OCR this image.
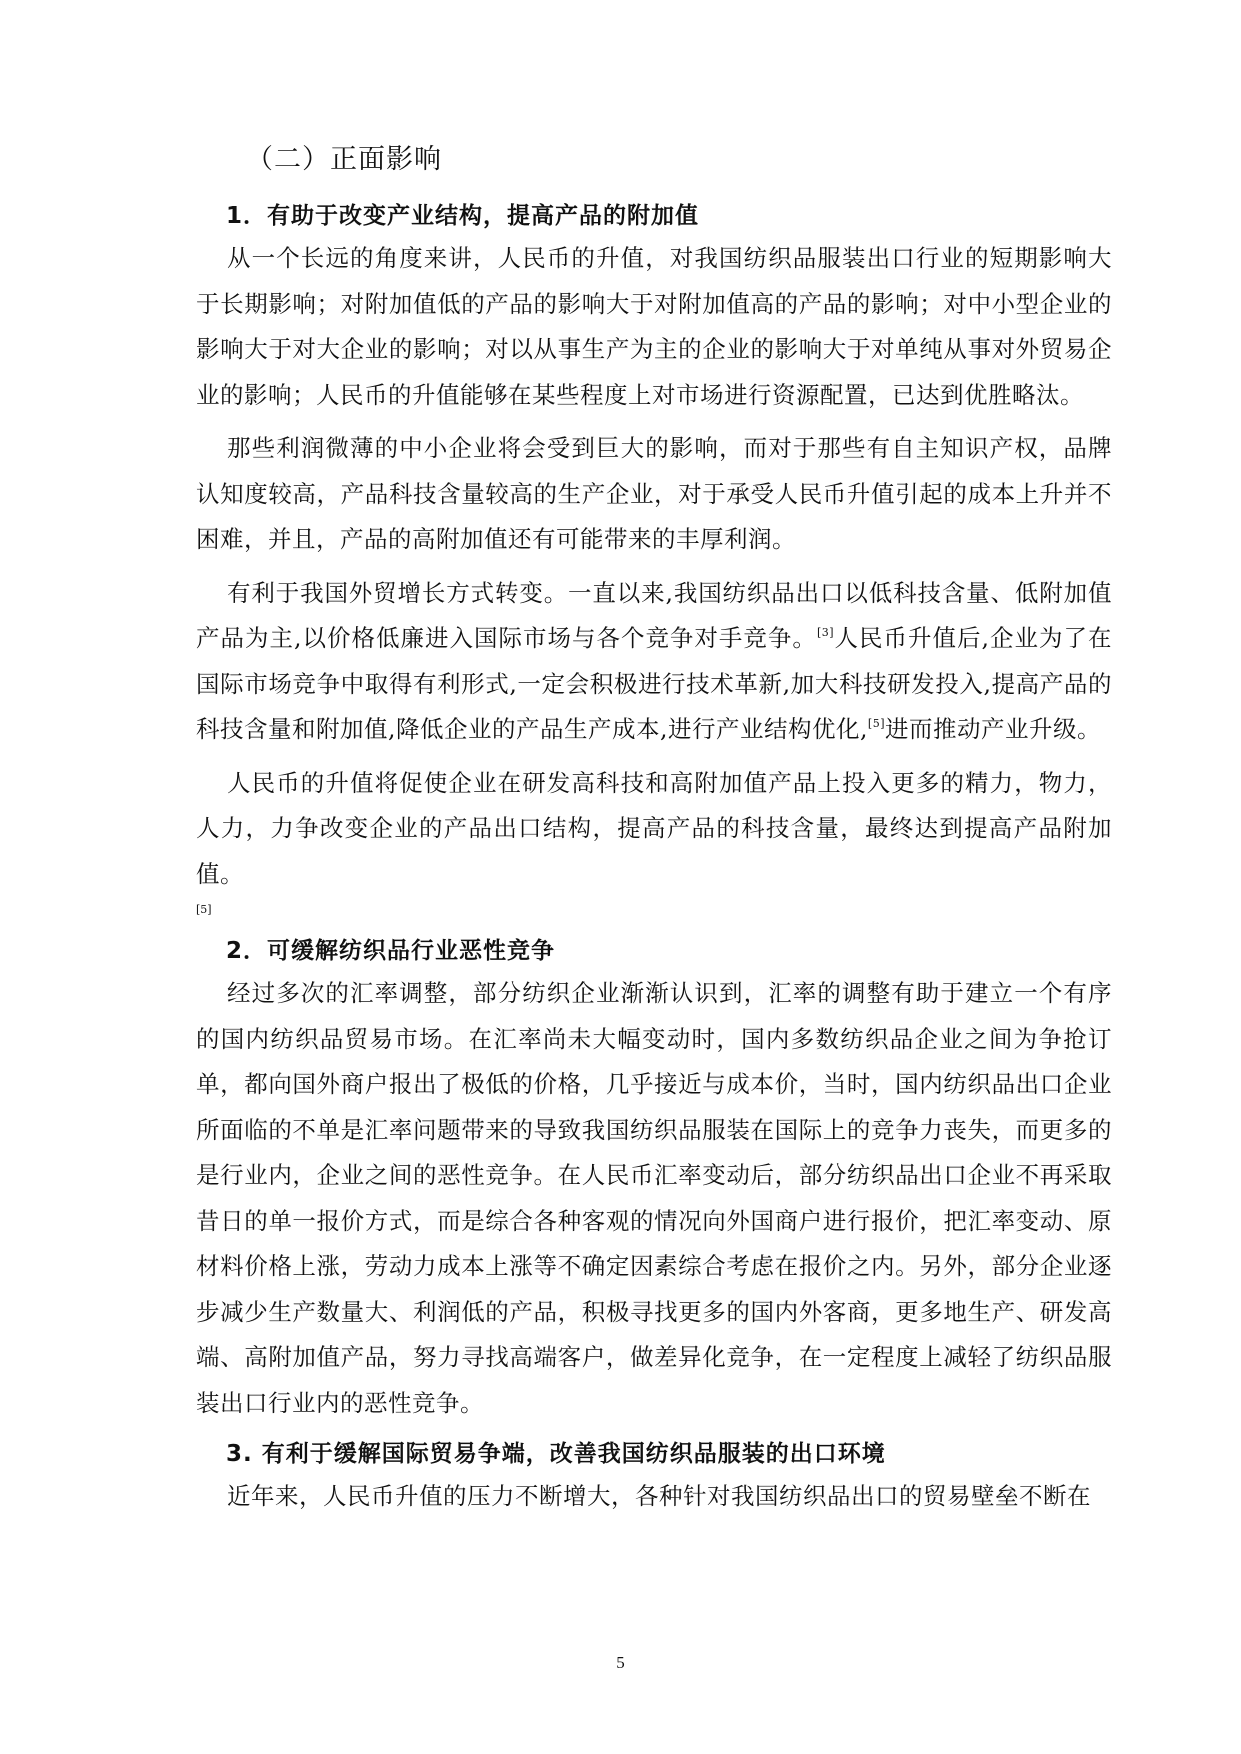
（二）正面影响
1．有助于改变产业结构，提高产品的附加值

从一个长远的角度来讲，人民币的升值，对我国纺织品服装出口行业的短期影响大于长期影响；对附加值低的产品的影响大于对附加值高的产品的影响；对中小型企业的影响大于对大企业的影响；对以从事生产为主的企业的影响大于对单纯从事对外贸易企业的影响；人民币的升值能够在某些程度上对市场进行资源配置，已达到优胜略汰。

那些利润微薄的中小企业将会受到巨大的影响，而对于那些有自主知识产权，品牌认知度较高，产品科技含量较高的生产企业，对于承受人民币升值引起的成本上升并不困难，并且，产品的高附加值还有可能带来的丰厚利润。

有利于我国外贸增长方式转变。一直以来,我国纺织品出口以低科技含量、低附加值产品为主,以价格低廉进入国际市场与各个竞争对手竞争。[3]人民币升值后,企业为了在国际市场竞争中取得有利形式,一定会积极进行技术革新,加大科技研发投入,提高产品的科技含量和附加值,降低企业的产品生产成本,进行产业结构优化,[5]进而推动产业升级。

人民币的升值将促使企业在研发高科技和高附加值产品上投入更多的精力，物力，人力，力争改变企业的产品出口结构，提高产品的科技含量，最终达到提高产品附加值。

[5]

2．可缓解纺织品行业恶性竞争

经过多次的汇率调整，部分纺织企业渐渐认识到，汇率的调整有助于建立一个有序的国内纺织品贸易市场。在汇率尚未大幅变动时，国内多数纺织品企业之间为争抢订单，都向国外商户报出了极低的价格，几乎接近与成本价，当时，国内纺织品出口企业所面临的不单是汇率问题带来的导致我国纺织品服装在国际上的竞争力丧失，而更多的是行业内，企业之间的恶性竞争。在人民币汇率变动后，部分纺织品出口企业不再采取昔日的单一报价方式，而是综合各种客观的情况向外国商户进行报价，把汇率变动、原材料价格上涨，劳动力成本上涨等不确定因素综合考虑在报价之内。另外，部分企业逐步减少生产数量大、利润低的产品，积极寻找更多的国内外客商，更多地生产、研发高端、高附加值产品，努力寻找高端客户，做差异化竞争，在一定程度上减轻了纺织品服装出口行业内的恶性竞争。

3. 有利于缓解国际贸易争端，改善我国纺织品服装的出口环境

近年来，人民币升值的压力不断增大，各种针对我国纺织品出口的贸易壁垒不断在

5
